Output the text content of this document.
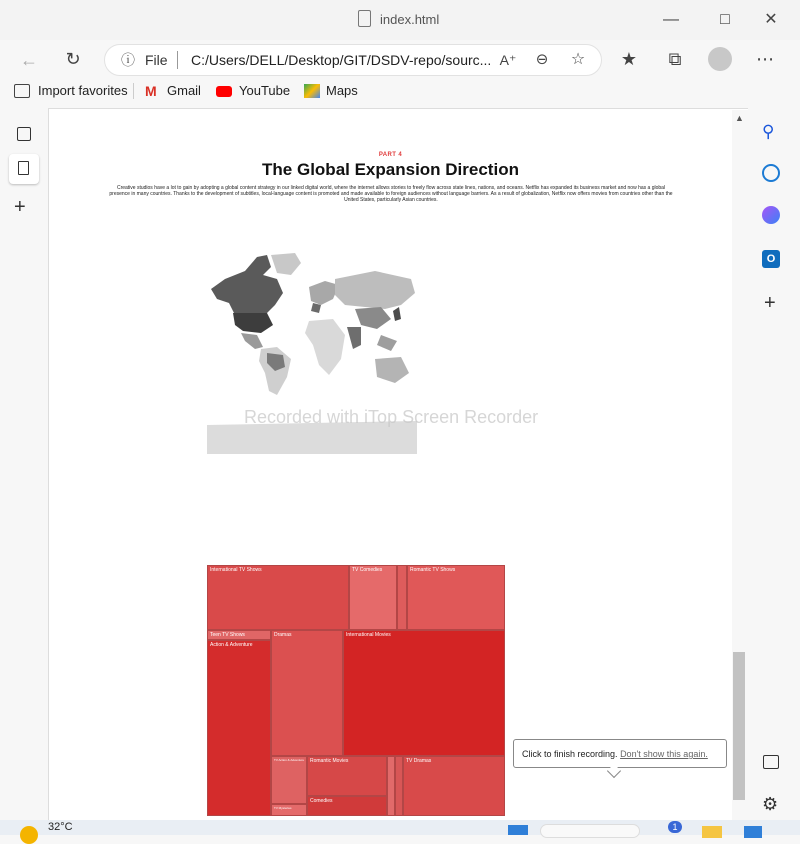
index.html	—	□	✕
←	↻	ⓘ File C:/Users/DELL/Desktop/GIT/DSDV-repo/sourc... A⁺	⊖	☆	★	⧉	⋯
Import favorites M Gmail	YouTube	Maps
+
⚲
O
+
⚙
PART 4
The Global Expansion Direction
Creative studios have a lot to gain by adopting a global content strategy in our linked digital world, where the internet allows stories to freely flow across state lines, nations, and oceans. Netflix has expanded its business market and now has a global presence in many countries. Thanks to the development of subtitles, local-language content is promoted and made available to foreign audiences without language barriers. As a result of globalization, Netflix now offers movies from countries other than the United States, particularly Asian countries.
Recorded with iTop Screen Recorder
International TV Shows	TV Comedies	Romantic TV Shows
Teen TV Shows
Action & Adventure
Dramas	International Movies
TV Action & Adventure
TV Mysteries
Romantic Movies
Comedies
TV Dramas
▲
Click to finish recording. Don't show this again.
1
32°C
